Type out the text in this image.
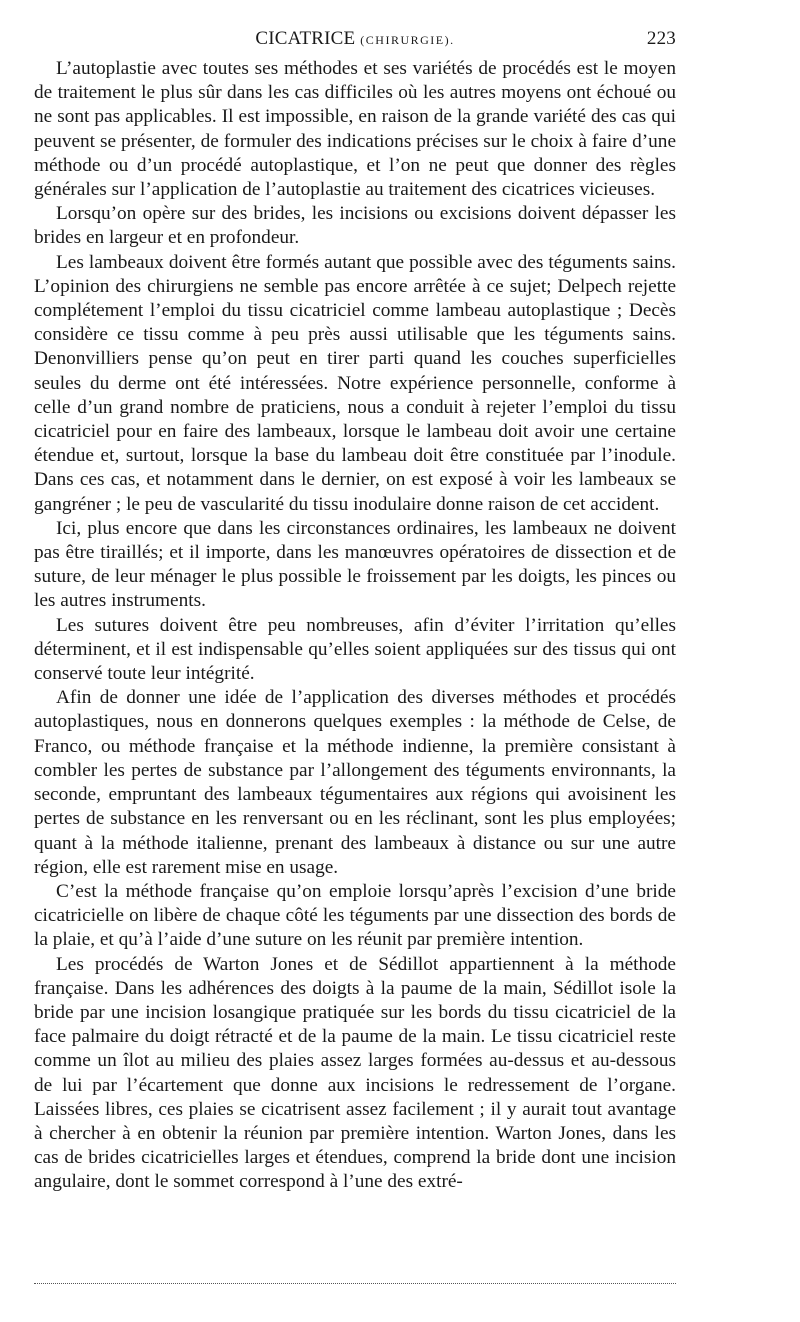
CICATRICE (CHIRURGIE).	223

L’autoplastie avec toutes ses méthodes et ses variétés de procédés est le moyen de traitement le plus sûr dans les cas difficiles où les autres moyens ont échoué ou ne sont pas applicables. Il est impossible, en raison de la grande variété des cas qui peuvent se présenter, de formuler des indications précises sur le choix à faire d’une méthode ou d’un procédé autoplastique, et l’on ne peut que donner des règles générales sur l’application de l’autoplastie au traitement des cicatrices vicieuses.

Lorsqu’on opère sur des brides, les incisions ou excisions doivent dépasser les brides en largeur et en profondeur.

Les lambeaux doivent être formés autant que possible avec des téguments sains. L’opinion des chirurgiens ne semble pas encore arrêtée à ce sujet; Delpech rejette complétement l’emploi du tissu cicatriciel comme lambeau autoplastique ; Decès considère ce tissu comme à peu près aussi utilisable que les téguments sains. Denonvilliers pense qu’on peut en tirer parti quand les couches superficielles seules du derme ont été intéressées. Notre expérience personnelle, conforme à celle d’un grand nombre de praticiens, nous a conduit à rejeter l’emploi du tissu cicatriciel pour en faire des lambeaux, lorsque le lambeau doit avoir une certaine étendue et, surtout, lorsque la base du lambeau doit être constituée par l’inodule. Dans ces cas, et notamment dans le dernier, on est exposé à voir les lambeaux se gangréner ; le peu de vascularité du tissu inodulaire donne raison de cet accident.

Ici, plus encore que dans les circonstances ordinaires, les lambeaux ne doivent pas être tiraillés; et il importe, dans les manœuvres opératoires de dissection et de suture, de leur ménager le plus possible le froissement par les doigts, les pinces ou les autres instruments.

Les sutures doivent être peu nombreuses, afin d’éviter l’irritation qu’elles déterminent, et il est indispensable qu’elles soient appliquées sur des tissus qui ont conservé toute leur intégrité.

Afin de donner une idée de l’application des diverses méthodes et procédés autoplastiques, nous en donnerons quelques exemples : la méthode de Celse, de Franco, ou méthode française et la méthode indienne, la première consistant à combler les pertes de substance par l’allongement des téguments environnants, la seconde, empruntant des lambeaux tégumentaires aux régions qui avoisinent les pertes de substance en les renversant ou en les réclinant, sont les plus employées; quant à la méthode italienne, prenant des lambeaux à distance ou sur une autre région, elle est rarement mise en usage.

C’est la méthode française qu’on emploie lorsqu’après l’excision d’une bride cicatricielle on libère de chaque côté les téguments par une dissection des bords de la plaie, et qu’à l’aide d’une suture on les réunit par première intention.

Les procédés de Warton Jones et de Sédillot appartiennent à la méthode française. Dans les adhérences des doigts à la paume de la main, Sédillot isole la bride par une incision losangique pratiquée sur les bords du tissu cicatriciel de la face palmaire du doigt rétracté et de la paume de la main. Le tissu cicatriciel reste comme un îlot au milieu des plaies assez larges formées au-dessus et au-dessous de lui par l’écartement que donne aux incisions le redressement de l’organe. Laissées libres, ces plaies se cicatrisent assez facilement ; il y aurait tout avantage à chercher à en obtenir la réunion par première intention. Warton Jones, dans les cas de brides cicatricielles larges et étendues, comprend la bride dont une incision angulaire, dont le sommet correspond à l’une des extré-
